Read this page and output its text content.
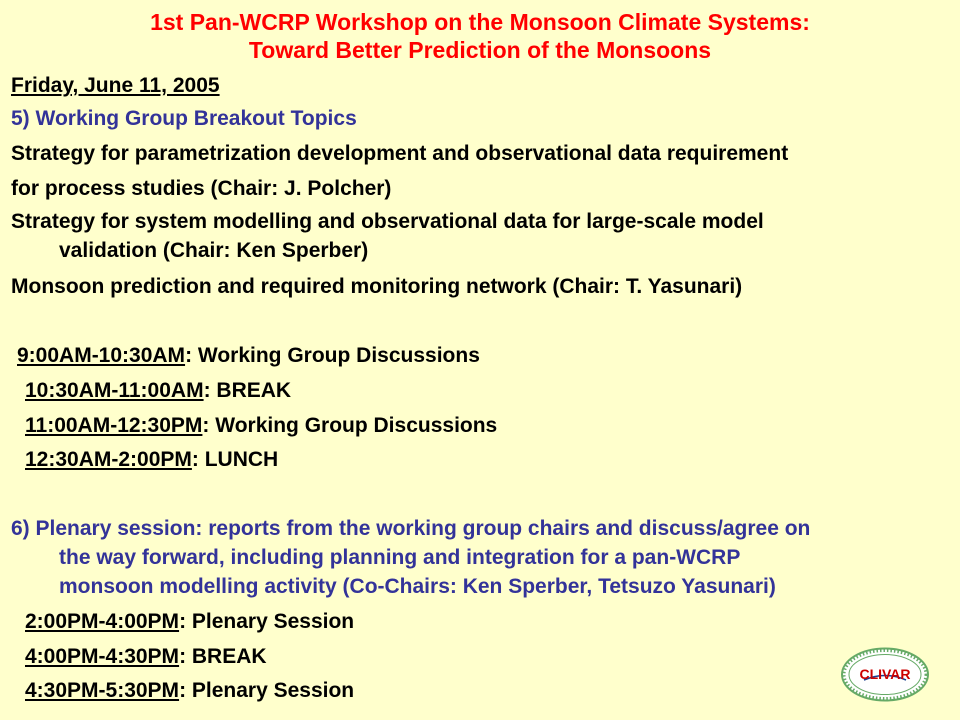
1st Pan-WCRP Workshop on the Monsoon Climate Systems:
Toward Better Prediction of the Monsoons
Friday, June 11, 2005
5) Working Group Breakout Topics
Strategy for parametrization development and observational data requirement
for process studies (Chair: J. Polcher)
Strategy for system modelling and observational data for large-scale model
validation (Chair: Ken Sperber)
Monsoon prediction and required monitoring network (Chair: T. Yasunari)
9:00AM-10:30AM: Working Group Discussions
10:30AM-11:00AM: BREAK
11:00AM-12:30PM: Working Group Discussions
12:30AM-2:00PM: LUNCH
6) Plenary session: reports from the working group chairs and discuss/agree on
the way forward, including planning and integration for a pan-WCRP
monsoon modelling activity (Co-Chairs: Ken Sperber, Tetsuzo Yasunari)
2:00PM-4:00PM: Plenary Session
4:00PM-4:30PM: BREAK
4:30PM-5:30PM: Plenary Session
CLIVAR
